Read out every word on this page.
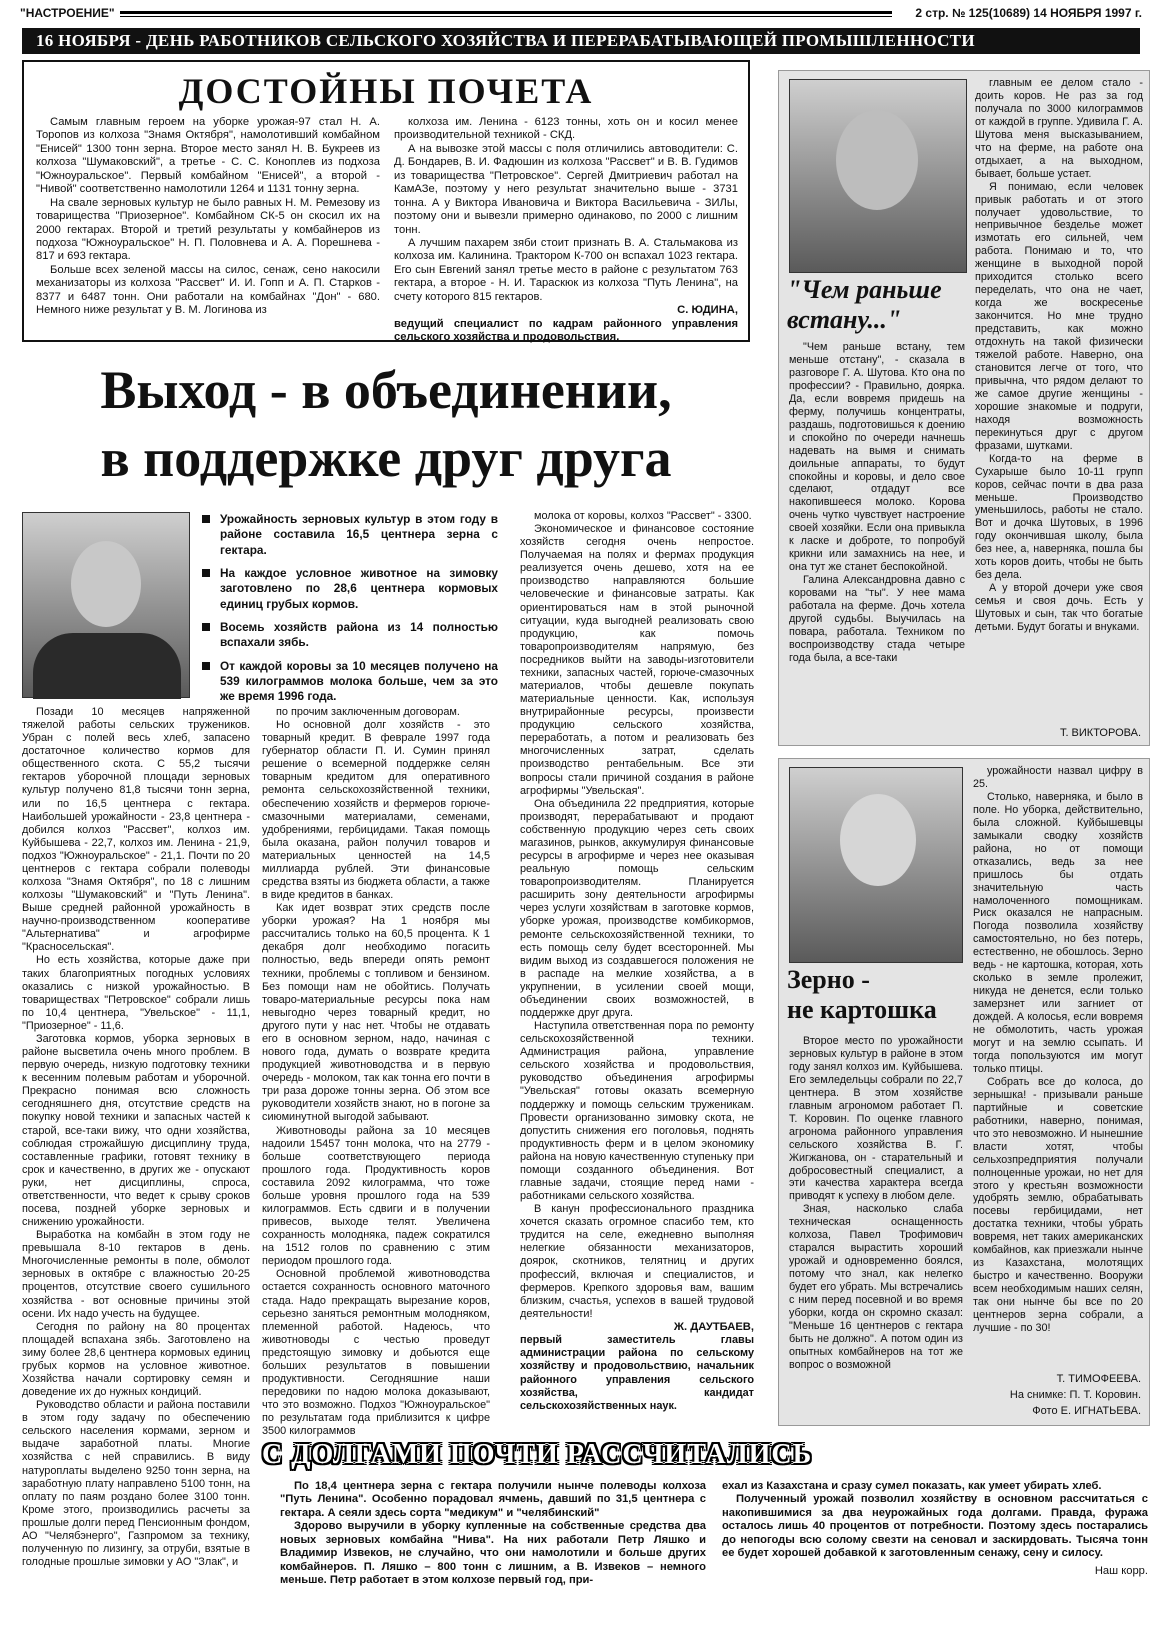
"НАСТРОЕНИЕ"	2 стр. № 125(10689) 14 НОЯБРЯ 1997 г.
16 НОЯБРЯ - ДЕНЬ РАБОТНИКОВ СЕЛЬСКОГО ХОЗЯЙСТВА И ПЕРЕРАБАТЫВАЮЩЕЙ ПРОМЫШЛЕННОСТИ
ДОСТОЙНЫ ПОЧЕТА

Самым главным героем на уборке урожая-97 стал Н. А. Торопов из колхоза "Знамя Октября", намолотивший комбайном "Енисей" 1300 тонн зерна. Второе место занял Н. В. Букреев из колхоза "Шумаковский", а третье - С. С. Коноплев из подхоза "Южноуральское". Первый комбайном "Енисей", а второй - "Нивой" соответственно намолотили 1264 и 1131 тонну зерна.

На свале зерновых культур не было равных Н. М. Ремезову из товарищества "Приозерное". Комбайном СК-5 он скосил их на 2000 гектарах. Второй и третий результаты у комбайнеров из подхоза "Южноуральское" Н. П. Половнева и А. А. Порешнева - 817 и 693 гектара.

Больше всех зеленой массы на силос, сенаж, сено накосили механизаторы из колхоза "Рассвет" И. И. Гопп и А. П. Старков - 8377 и 6487 тонн. Они работали на комбайнах "Дон" - 680. Немного ниже результат у В. М. Логинова из

колхоза им. Ленина - 6123 тонны, хоть он и косил менее производительной техникой - СКД.

А на вывозке этой массы с поля отличились автоводители: С. Д. Бондарев, В. И. Фадюшин из колхоза "Рассвет" и В. В. Гудимов из товарищества "Петровское". Сергей Дмитриевич работал на КамАЗе, поэтому у него результат значительно выше - 3731 тонна. А у Виктора Ивановича и Виктора Васильевича - ЗИЛы, поэтому они и вывезли примерно одинаково, по 2000 с лишним тонн.

А лучшим пахарем зяби стоит признать В. А. Стальмакова из колхоза им. Калинина. Трактором К-700 он вспахал 1023 гектара. Его сын Евгений занял третье место в районе с результатом 763 гектара, а второе - Н. И. Тараскюк из колхоза "Путь Ленина", на счету которого 815 гектаров.

С. ЮДИНА,
ведущий специалист по кадрам районного управления сельского хозяйства и продовольствия.
Выход - в объединении,
в поддержке друг друга
Урожайность зерновых культур в этом году в районе составила 16,5 центнера зерна с гектара.
На каждое условное животное на зимовку заготовлено по 28,6 центнера кормовых единиц грубых кормов.
Восемь хозяйств района из 14 полностью вспахали зябь.
От каждой коровы за 10 месяцев получено на 539 килограммов молока больше, чем за это же время 1996 года.

Позади 10 месяцев напряженной тяжелой работы сельских тружеников. Убран с полей весь хлеб, запасено достаточное количество кормов для общественного скота. С 55,2 тысячи гектаров уборочной площади зерновых культур получено 81,8 тысячи тонн зерна, или по 16,5 центнера с гектара. Наибольшей урожайности - 23,8 центнера - добился колхоз "Рассвет", колхоз им. Куйбышева - 22,7, колхоз им. Ленина - 21,9, подхоз "Южноуральское" - 21,1. Почти по 20 центнеров с гектара собрали полеводы колхоза "Знамя Октября", по 18 с лишним колхозы "Шумаковский" и "Путь Ленина". Выше средней районной урожайность в научно-производственном кооперативе "Альтернатива" и агрофирме "Красносельская".

Но есть хозяйства, которые даже при таких благоприятных погодных условиях оказались с низкой урожайностью. В товариществах "Петровское" собрали лишь по 10,4 центнера, "Увельское" - 11,1, "Приозерное" - 11,6.

Заготовка кормов, уборка зерновых в районе высветила очень много проблем. В первую очередь, низкую подготовку техники к весенним полевым работам и уборочной. Прекрасно понимая всю сложность сегодняшнего дня, отсутствие средств на покупку новой техники и запасных частей к старой, все-таки вижу, что одни хозяйства, соблюдая строжайшую дисциплину труда, составленные графики, готовят технику в срок и качественно, в других же - опускают руки, нет дисциплины, спроса, ответственности, что ведет к срыву сроков посева, поздней уборке зерновых и снижению урожайности.

Выработка на комбайн в этом году не превышала 8-10 гектаров в день. Многочисленные ремонты в поле, обмолот зерновых в октябре с влажностью 20-25 процентов, отсутствие своего сушильного хозяйства - вот основные причины этой осени. Их надо учесть на будущее.

Сегодня по району на 80 процентах площадей вспахана зябь. Заготовлено на зиму более 28,6 центнера кормовых единиц грубых кормов на условное животное. Хозяйства начали сортировку семян и доведение их до нужных кондиций.

Руководство области и района поставили в этом году задачу по обеспечению сельского населения кормами, зерном и выдаче заработной платы. Многие хозяйства с ней справились. В виду натуроплаты выделено 9250 тонн зерна, на заработную плату направлено 5100 тонн, на оплату по паям роздано более 3100 тонн. Кроме этого, производились расчеты за прошлые долги перед Пенсионным фондом, АО "Челябэнерго", Газпромом за технику, полученную по лизингу, за отруби, взятые в голодные прошлые зимовки у АО "Злак", и

по прочим заключенным договорам.

Но основной долг хозяйств - это товарный кредит. В феврале 1997 года губернатор области П. И. Сумин принял решение о всемерной поддержке селян товарным кредитом для оперативного ремонта сельскохозяйственной техники, обеспечению хозяйств и фермеров горюче-смазочными материалами, семенами, удобрениями, гербицидами. Такая помощь была оказана, район получил товаров и материальных ценностей на 14,5 миллиарда рублей. Эти финансовые средства взяты из бюджета области, а также в виде кредитов в банках.

Как идет возврат этих средств после уборки урожая? На 1 ноября мы рассчитались только на 60,5 процента. К 1 декабря долг необходимо погасить полностью, ведь впереди опять ремонт техники, проблемы с топливом и бензином. Без помощи нам не обойтись. Получать товаро-материальные ресурсы пока нам невыгодно через товарный кредит, но другого пути у нас нет. Чтобы не отдавать его в основном зерном, надо, начиная с нового года, думать о возврате кредита продукцией животноводства и в первую очередь - молоком, так как тонна его почти в три раза дороже тонны зерна. Об этом все руководители хозяйств знают, но в погоне за сиюминутной выгодой забывают.

Животноводы района за 10 месяцев надоили 15457 тонн молока, что на 2779 - больше соответствующего периода прошлого года. Продуктивность коров составила 2092 килограмма, что тоже больше уровня прошлого года на 539 килограммов. Есть сдвиги и в получении привесов, выходе телят. Увеличена сохранность молодняка, падеж сократился на 1512 голов по сравнению с этим периодом прошлого года.

Основной проблемой животноводства остается сохранность основного маточного стада. Надо прекращать вырезание коров, серьезно заняться ремонтным молодняком, племенной работой. Надеюсь, что животноводы с честью проведут предстоящую зимовку и добьются еще больших результатов в повышении продуктивности. Сегодняшние наши передовики по надою молока доказывают, что это возможно. Подхоз "Южноуральское" по результатам года приблизится к цифре 3500 килограммов

молока от коровы, колхоз "Рассвет" - 3300.

Экономическое и финансовое состояние хозяйств сегодня очень непростое. Получаемая на полях и фермах продукция реализуется очень дешево, хотя на ее производство направляются большие человеческие и финансовые затраты. Как ориентироваться нам в этой рыночной ситуации, куда выгодней реализовать свою продукцию, как помочь товаропроизводителям напрямую, без посредников выйти на заводы-изготовители техники, запасных частей, горюче-смазочных материалов, чтобы дешевле покупать материальные ценности. Как, используя внутрирайонные ресурсы, произвести продукцию сельского хозяйства, переработать, а потом и реализовать без многочисленных затрат, сделать производство рентабельным. Все эти вопросы стали причиной создания в районе агрофирмы "Увельская".

Она объединила 22 предприятия, которые производят, перерабатывают и продают собственную продукцию через сеть своих магазинов, рынков, аккумулируя финансовые ресурсы в агрофирме и через нее оказывая реальную помощь сельским товаропроизводителям. Планируется расширить зону деятельности агрофирмы через услуги хозяйствам в заготовке кормов, уборке урожая, производстве комбикормов, ремонте сельскохозяйственной техники, то есть помощь селу будет всесторонней. Мы видим выход из создавшегося положения не в распаде на мелкие хозяйства, а в укрупнении, в усилении своей мощи, объединении своих возможностей, в поддержке друг друга.

Наступила ответственная пора по ремонту сельскохозяйственной техники. Администрация района, управление сельского хозяйства и продовольствия, руководство объединения агрофирмы "Увельская" готовы оказать всемерную поддержку и помощь сельским труженикам. Провести организованно зимовку скота, не допустить снижения его поголовья, поднять продуктивность ферм и в целом экономику района на новую качественную ступеньку при помощи созданного объединения. Вот главные задачи, стоящие перед нами - работниками сельского хозяйства.

В канун профессионального праздника хочется сказать огромное спасибо тем, кто трудится на селе, ежедневно выполняя нелегкие обязанности механизаторов, доярок, скотников, телятниц и других профессий, включая и специалистов, и фермеров. Крепкого здоровья вам, вашим близким, счастья, успехов в вашей трудовой деятельности!

Ж. ДАУТБАЕВ,
первый заместитель главы администрации района по сельскому хозяйству и продовольствию, начальник районного управления сельского хозяйства, кандидат сельскохозяйственных наук.
"Чем раньше встану..."

"Чем раньше встану, тем меньше отстану", - сказала в разговоре Г. А. Шутова. Кто она по профессии? - Правильно, доярка. Да, если вовремя придешь на ферму, получишь концентраты, раздашь, подготовишься к доению и спокойно по очереди начнешь надевать на вымя и снимать доильные аппараты, то будут спокойны и коровы, и дело свое сделают, отдадут все накопившееся молоко. Корова очень чутко чувствует настроение своей хозяйки. Если она привыкла к ласке и доброте, то попробуй крикни или замахнись на нее, и она тут же станет беспокойной.

Галина Александровна давно с коровами на "ты". У нее мама работала на ферме. Дочь хотела другой судьбы. Выучилась на повара, работала. Техником по воспроизводству стада четыре года была, а все-таки

главным ее делом стало - доить коров. Не раз за год получала по 3000 килограммов от каждой в группе. Удивила Г. А. Шутова меня высказыванием, что на ферме, на работе она отдыхает, а на выходном, бывает, больше устает.

Я понимаю, если человек привык работать и от этого получает удовольствие, то непривычное безделье может измотать его сильней, чем работа. Понимаю и то, что женщине в выходной порой приходится столько всего переделать, что она не чает, когда же воскресенье закончится. Но мне трудно представить, как можно отдохнуть на такой физически тяжелой работе. Наверно, она становится легче от того, что привычна, что рядом делают то же самое другие женщины - хорошие знакомые и подруги, находя возможность перекинуться друг с другом фразами, шутками.

Когда-то на ферме в Сухарыше было 10-11 групп коров, сейчас почти в два раза меньше. Производство уменьшилось, работы не стало. Вот и дочка Шутовых, в 1996 году окончившая школу, была без нее, а, наверняка, пошла бы хоть коров доить, чтобы не быть без дела.

А у второй дочери уже своя семья и своя дочь. Есть у Шутовых и сын, так что богатые детьми. Будут богаты и внуками.

Т. ВИКТОРОВА.
Зерно -
не картошка

Второе место по урожайности зерновых культур в районе в этом году занял колхоз им. Куйбышева. Его земледельцы собрали по 22,7 центнера. В этом хозяйстве главным агрономом работает П. Т. Коровин. По оценке главного агронома районного управления сельского хозяйства В. Г. Жигжанова, он - старательный и добросовестный специалист, а эти качества характера всегда приводят к успеху в любом деле.

Зная, насколько слаба техническая оснащенность колхоза, Павел Трофимович старался вырастить хороший урожай и одновременно боялся, потому что знал, как нелегко будет его убрать. Мы встречались с ним перед посевной и во время уборки, когда он скромно сказал: "Меньше 16 центнеров с гектара быть не должно". А потом один из опытных комбайнеров на тот же вопрос о возможной

урожайности назвал цифру в 25.

Столько, наверняка, и было в поле. Но уборка, действительно, была сложной. Куйбышевцы замыкали сводку хозяйств района, но от помощи отказались, ведь за нее пришлось бы отдать значительную часть намолоченного помощникам. Риск оказался не напрасным. Погода позволила хозяйству самостоятельно, но без потерь, естественно, не обошлось. Зерно ведь - не картошка, которая, хоть сколько в земле пролежит, никуда не денется, если только замерзнет или загниет от дождей. А колосья, если вовремя не обмолотить, часть урожая могут и на землю ссыпать. И тогда попользуются им могут только птицы.

Собрать все до колоса, до зернышка! - призывали раньше партийные и советские работники, наверно, понимая, что это невозможно. И нынешние власти хотят, чтобы сельхозпредприятия получали полноценные урожаи, но нет для этого у крестьян возможности удобрять землю, обрабатывать посевы гербицидами, нет достатка техники, чтобы убрать вовремя, нет таких американских комбайнов, как приезжали нынче из Казахстана, молотящих быстро и качественно. Вооружи всем необходимым наших селян, так они нынче бы все по 20 центнеров зерна собрали, а лучшие - по 30!

Т. ТИМОФЕЕВА.
На снимке: П. Т. Коровин.
Фото Е. ИГНАТЬЕВА.
С ДОЛГАМИ ПОЧТИ РАССЧИТАЛИСЬ

По 18,4 центнера зерна с гектара получили нынче полеводы колхоза "Путь Ленина". Особенно порадовал ячмень, давший по 31,5 центнера с гектара. А сеяли здесь сорта "медикум" и "челябинский"

Здорово выручили в уборку купленные на собственные средства два новых зерновых комбайна "Нива". На них работали Петр Ляшко и Владимир Извеков, не случайно, что они намолотили и больше других комбайнеров. П. Ляшко – 800 тонн с лишним, а В. Извеков – немного меньше. Петр работает в этом колхозе первый год, при-

ехал из Казахстана и сразу сумел показать, как умеет убирать хлеб.

Полученный урожай позволил хозяйству в основном рассчитаться с накопившимися за два неурожайных года долгами. Правда, фуража осталось лишь 40 процентов от потребности. Поэтому здесь постарались до непогоды всю солому свезти на сеновал и заскирдовать. Тысяча тонн ее будет хорошей добавкой к заготовленным сенажу, сену и силосу.

Наш корр.
